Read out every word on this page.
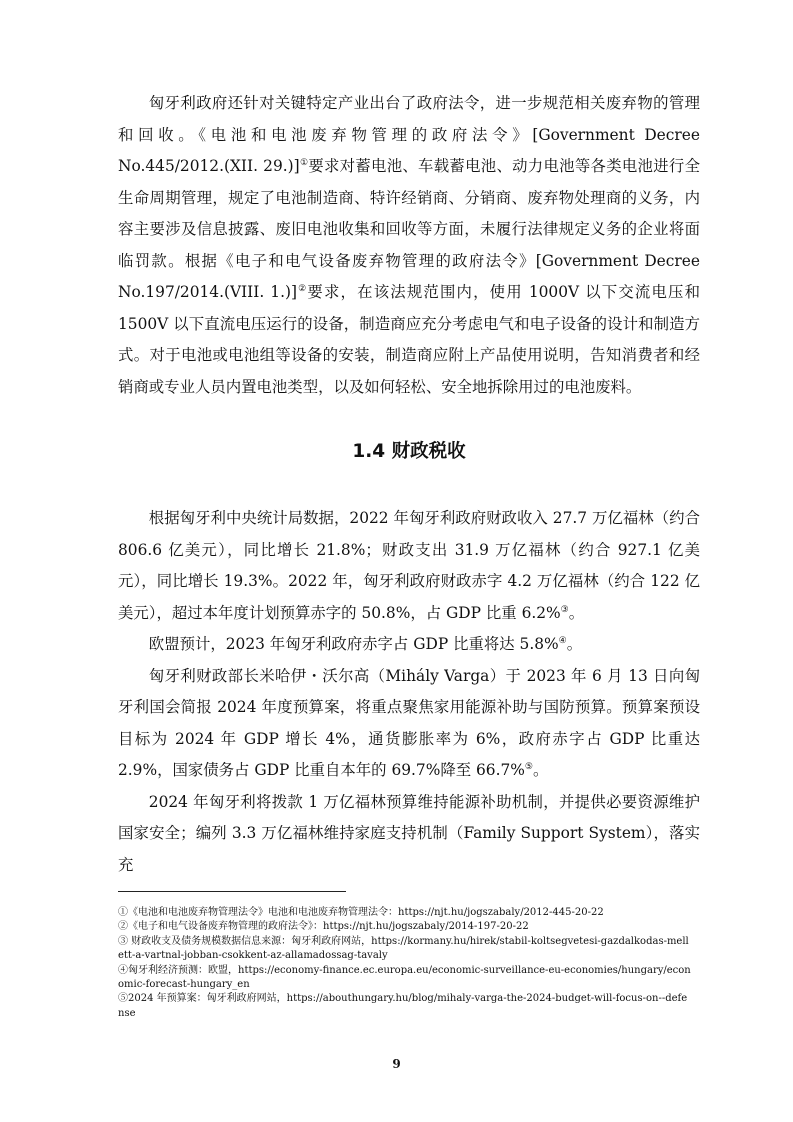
匈牙利政府还针对关键特定产业出台了政府法令，进一步规范相关废弃物的管理和回收。《电池和电池废弃物管理的政府法令》[Government Decree No.445/2012.(XII. 29.)]①要求对蓄电池、车载蓄电池、动力电池等各类电池进行全生命周期管理，规定了电池制造商、特许经销商、分销商、废弃物处理商的义务，内容主要涉及信息披露、废旧电池收集和回收等方面，未履行法律规定义务的企业将面临罚款。根据《电子和电气设备废弃物管理的政府法令》[Government Decree No.197/2014.(VIII. 1.)]②要求，在该法规范围内，使用 1000V 以下交流电压和 1500V 以下直流电压运行的设备，制造商应充分考虑电气和电子设备的设计和制造方式。对于电池或电池组等设备的安装，制造商应附上产品使用说明，告知消费者和经销商或专业人员内置电池类型，以及如何轻松、安全地拆除用过的电池废料。

1.4 财政税收

根据匈牙利中央统计局数据，2022 年匈牙利政府财政收入 27.7 万亿福林（约合 806.6 亿美元），同比增长 21.8%；财政支出 31.9 万亿福林（约合 927.1 亿美元），同比增长 19.3%。2022 年，匈牙利政府财政赤字 4.2 万亿福林（约合 122 亿美元），超过本年度计划预算赤字的 50.8%，占 GDP 比重 6.2%③。

欧盟预计，2023 年匈牙利政府赤字占 GDP 比重将达 5.8%④。

匈牙利财政部长米哈伊・沃尔高（Mihály Varga）于 2023 年 6 月 13 日向匈牙利国会简报 2024 年度预算案，将重点聚焦家用能源补助与国防预算。预算案预设目标为 2024 年 GDP 增长 4%，通货膨胀率为 6%，政府赤字占 GDP 比重达 2.9%，国家债务占 GDP 比重自本年的 69.7%降至 66.7%⑤。

2024 年匈牙利将拨款 1 万亿福林预算维持能源补助机制，并提供必要资源维护国家安全；编列 3.3 万亿福林维持家庭支持机制（Family Support System），落实充

①《电池和电池废弃物管理法令》电池和电池废弃物管理法令：https://njt.hu/jogszabaly/2012-445-20-22
②《电子和电气设备废弃物管理的政府法令》：https://njt.hu/jogszabaly/2014-197-20-22
③ 财政收支及债务规模数据信息来源：匈牙利政府网站，https://kormany.hu/hirek/stabil-koltsegvetesi-gazdalkodas-mellett-a-vartnal-jobban-csokkent-az-allamadossag-tavaly
④匈牙利经济预测：欧盟，https://economy-finance.ec.europa.eu/economic-surveillance-eu-economies/hungary/economic-forecast-hungary_en
⑤2024 年预算案：匈牙利政府网站，https://abouthungary.hu/blog/mihaly-varga-the-2024-budget-will-focus-on--defense
9
